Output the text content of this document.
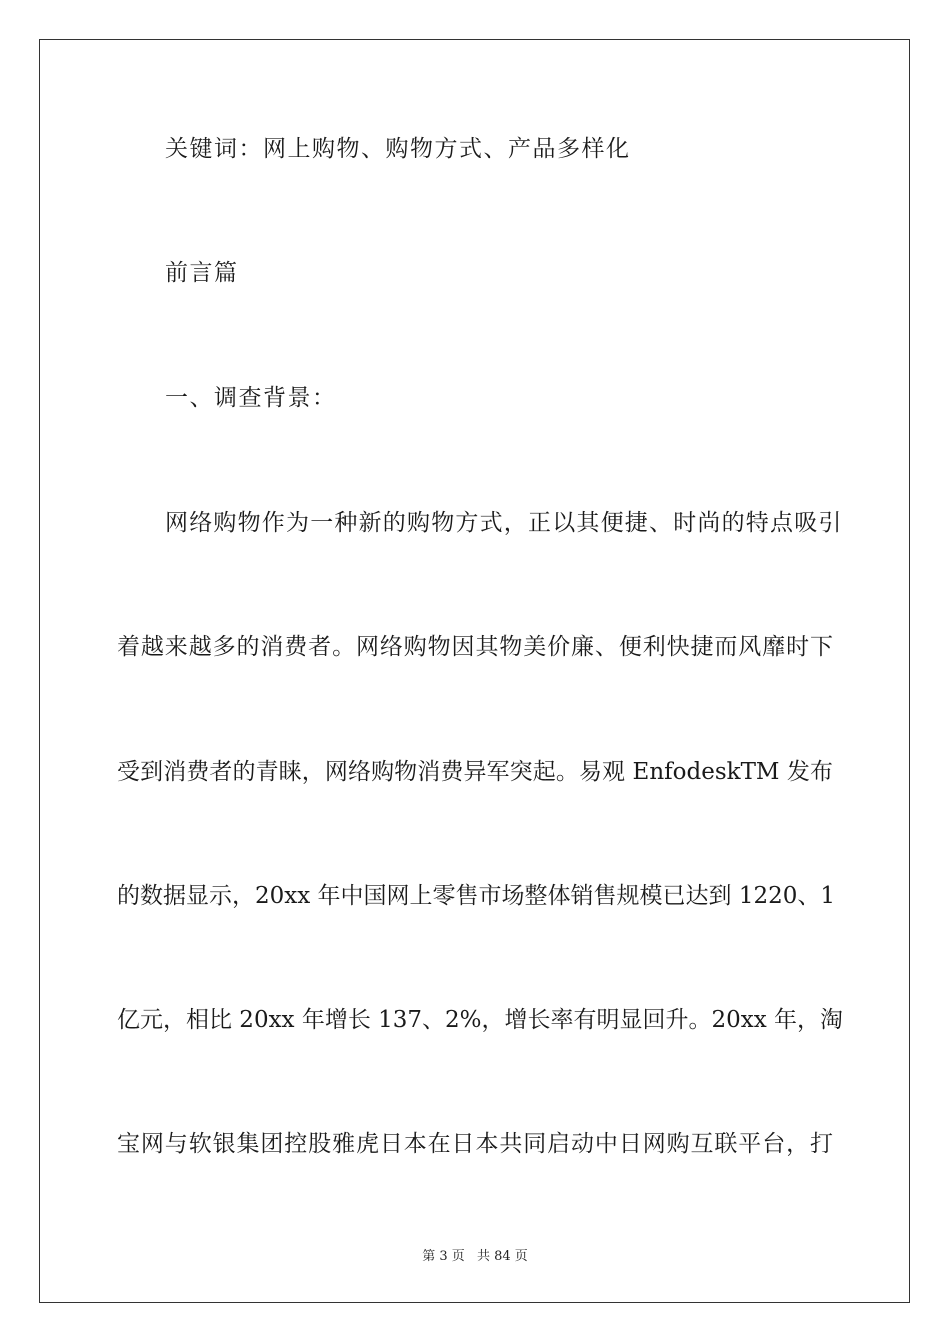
关键词：网上购物、购物方式、产品多样化
前言篇
一、调查背景：
网络购物作为一种新的购物方式，正以其便捷、时尚的特点吸引
着越来越多的消费者。网络购物因其物美价廉、便利快捷而风靡时下
受到消费者的青睐，网络购物消费异军突起。易观 EnfodeskTM 发布
的数据显示，20xx 年中国网上零售市场整体销售规模已达到 1220、1
亿元，相比 20xx 年增长 137、2%，增长率有明显回升。20xx 年，淘
宝网与软银集团控股雅虎日本在日本共同启动中日网购互联平台，打
第 3 页 共 84 页
